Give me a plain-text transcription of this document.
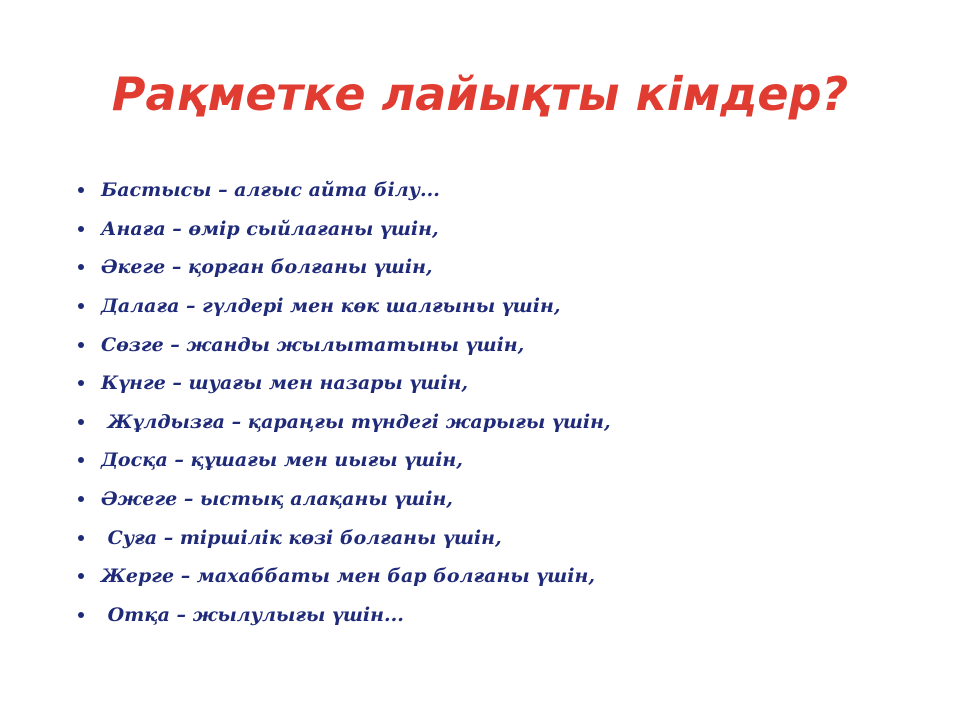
Рақметке лайықты кімдер?
Бастысы – алғыс айта білу...
Анаға – өмір сыйлағаны үшін,
Әкеге – қорған болғаны үшін,
Далаға – гүлдері мен көк шалғыны үшін,
Сөзге – жанды жылытатыны үшін,
Күнге – шуағы мен назары үшін,
Жұлдызға – қараңғы түндегі жарығы үшін,
Досқа – құшағы мен иығы үшін,
Әжеге – ыстық алақаны үшін,
Суға – тіршілік көзі болғаны үшін,
Жерге – махаббаты мен бар болғаны үшін,
Отқа – жылулығы үшін...
